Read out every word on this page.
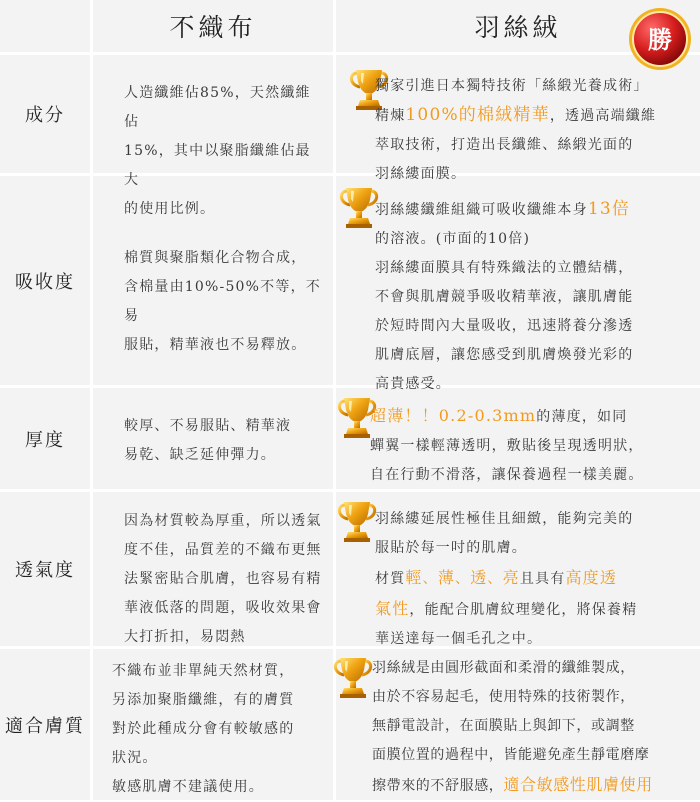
不織布	羽絲絨
成分
吸收度
厚度
透氣度
適合膚質
勝
人造纖維佔85%，天然纖維佔
15%，其中以聚脂纖維佔最大
的使用比例。
獨家引進日本獨特技術「絲緞光養成術」
精煉100%的棉絨精華，透過高端纖維
萃取技術，打造出長纖維、絲緞光面的
羽絲縷面膜。
棉質與聚脂類化合物合成，
含棉量由10%-50%不等，不易
服貼，精華液也不易釋放。
羽絲縷纖維組織可吸收纖維本身13倍
的溶液。(市面的10倍)
羽絲縷面膜具有特殊織法的立體結構，
不會與肌膚競爭吸收精華液，讓肌膚能
於短時間內大量吸收，迅速將養分滲透
肌膚底層，讓您感受到肌膚煥發光彩的
高貴感受。
較厚、不易服貼、精華液
易乾、缺乏延伸彈力。
超薄！！0.2-0.3mm的薄度，如同
蟬翼一樣輕薄透明，敷貼後呈現透明狀，
自在行動不滑落，讓保養過程一樣美麗。
因為材質較為厚重，所以透氣
度不佳，品質差的不織布更無
法緊密貼合肌膚，也容易有精
華液低落的問題，吸收效果會
大打折扣，易悶熱
羽絲縷延展性極佳且細緻，能夠完美的
服貼於每一吋的肌膚。
材質輕、薄、透、亮且具有高度透
氣性，能配合肌膚紋理變化，將保養精
華送達每一個毛孔之中。
不織布並非單純天然材質，
另添加聚脂纖維，有的膚質
對於此種成分會有較敏感的
狀況。
敏感肌膚不建議使用。
羽絲絨是由圓形截面和柔滑的纖維製成，
由於不容易起毛，使用特殊的技術製作，
無靜電設計，在面膜貼上與卸下，或調整
面膜位置的過程中，皆能避免產生靜電磨摩
擦帶來的不舒服感，適合敏感性肌膚使用
